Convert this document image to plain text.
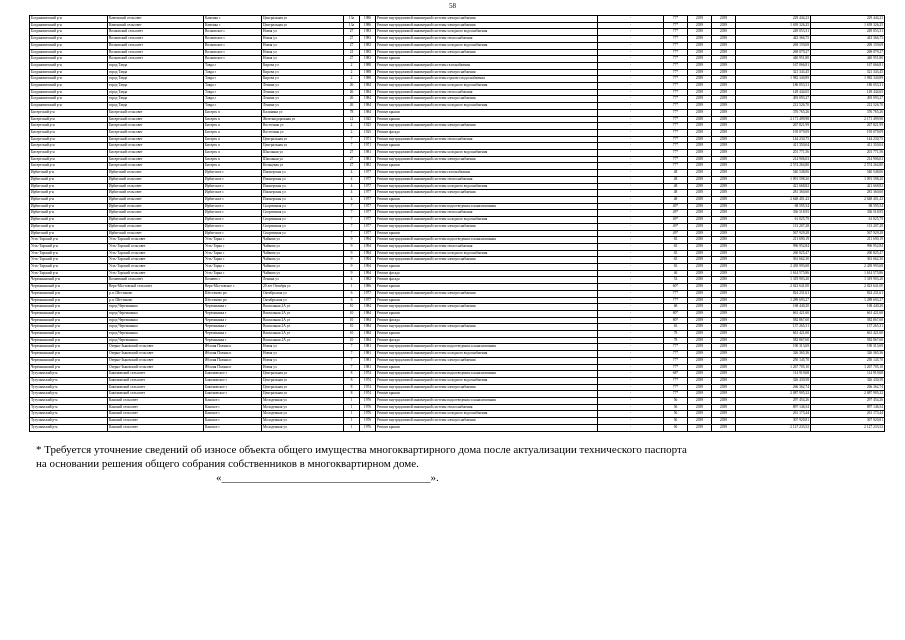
58
Богдановичский р-н	Каменский сельсовет	Каменка с	Центральная ул	13а	1986	Ремонт внутридомовой инженерной системы электроснабжения	-	77*	2039	2039	229 444,23	229 444,23
Богдановичский р-н	Каменский сельсовет	Каменка с	Центральная ул	13а	1986	Ремонт внутридомовой инженерной системы электроснабжения	-	77*	2039	2039	1 639 326,25	1 639 326,25
Богдановичский р-н	Волковский сельсовет	Волковское с	Новая ул	27	1983	Ремонт внутридомовой инженерной системы холодного водоснабжения	-	77*	2039	2039	249 053,31	249 053,31
Богдановичский р-н	Волковский сельсовет	Волковское с	Новая ул	27	1983	Ремонт внутридомовой инженерной системы теплоснабжения	-	77*	2039	2039	443 366,75	443 366,75
Богдановичский р-н	Волковский сельсовет	Волковское с	Новая ул	27	1983	Ремонт внутридомовой инженерной системы холодного водоснабжения	-	77*	2039	2039	269 159,69	269 159,69
Богдановичский р-н	Волковский сельсовет	Волковское с	Новая ул	21	1983	Ремонт внутридомовой инженерной системы электроснабжения	-	77*	2039	2039	269 079,27	269 079,27
Богдановичский р-н	Волковский сельсовет	Волковское с	Новая ул	27	1983	Ремонт крыши	-	77*	2039	2039	440 951,80	440 951,80
Богдановичский р-н	город Тавда	Тавда г	Кирова ул	2	1988	Ремонт внутридомовой инженерной системы газоснабжения	-	77*	2039	2039	167 066,81	167 066,81
Богдановичский р-н	город Тавда	Тавда г	Кирова ул	2	1988	Ремонт внутридомовой инженерной системы электроснабжения	-	77*	2039	2039	321 343,45	321 343,45
Богдановичский р-н	город Тавда	Тавда г	Кирова ул	2	1988	Ремонт внутридомовой инженерной системы горячего водоснабжения	-	77*	2039	2039	1 982 340,89	1 982 340,89
Богдановичский р-н	город Тавда	Тавда г	Ленина ул	26	1984	Ремонт внутридомовой инженерной системы холодного водоснабжения	-	77*	2039	2039	186 053,31	186 053,31
Богдановичский р-н	город Тавда	Тавда г	Ленина ул	26	1984	Ремонт внутридомовой инженерной системы теплоснабжения	-	77*	2039	2039	149 444,65	149 444,65
Богдановичский р-н	город Тавда	Тавда г	Ленина ул	26	1984	Ремонт внутридомовой инженерной системы электроснабжения	-	77*	2039	2039	493 093,27	493 093,27
Богдановичский р-н	город Тавда	Тавда г	Ленина ул	26	1984	Ремонт внутридомовой инженерной системы холодного водоснабжения	-	77*	2039	2039	212 526,70	212 526,70
Бисертский р-н	Бисертский сельсовет	Бисерть п	Калинина ул	78	1984	Ремонт крыши	-	77*	2039	2039	376 765,26	376 765,26
Бисертский р-н	Бисертский сельсовет	Бисерть п	Железнодорожная ул	12	1925	Ремонт крыши	-	77*	2039	2039	2 171 499,98	2 171 499,98
Бисертский р-н	Бисертский сельсовет	Бисерть п	Восточная ул	2	1925	Ремонт внутридомовой инженерной системы электроснабжения	-	77*	2039	2039	267 821,99	267 821,99
Бисертский р-н	Бисертский сельсовет	Бисерть п	Восточная ул	2	1925	Ремонт фасада	-	77*	2039	2039	195 079,09	195 079,09
Бисертский р-н	Бисертский сельсовет	Бисерть п	Центральная ул	7	1971	Ремонт внутридомовой инженерной системы теплоснабжения	-	77*	2039	2039	144 230,75	144 230,75
Бисертский р-н	Бисертский сельсовет	Бисерть п	Центральная ул	7	1971	Ремонт крыши	-	77*	2039	2039	411 350,04	411 350,04
Бисертский р-н	Бисертский сельсовет	Бисерть п	Школьная ул	27	1981	Ремонт внутридомовой инженерной системы холодного водоснабжения	-	77*	2039	2039	201 771,56	201 771,56
Бисертский р-н	Бисертский сельсовет	Бисерть п	Школьная ул	27	1981	Ремонт внутридомовой инженерной системы электроснабжения	-	77*	2039	2039	214 906,03	214 906,03
Бисертский р-н	Бисертский сельсовет	Бисерть п	Кольцевая ул	27	1981	Ремонт крыши	-	77*	2039	2039	2 574 264,80	2 574 264,80
Ирбитский р-н	Ирбитский сельсовет	Ирбитское с	Пионерская ул	4	1977	Ремонт внутридомовой инженерной системы газоснабжения	-	48	2039	2039	540 548,06	540 548,06
Ирбитский р-н	Ирбитский сельсовет	Ирбитское с	Пионерская ул	4	1977	Ремонт внутридомовой инженерной системы теплоснабжения	-	48	2039	2039	1 091 598,20	1 091 598,20
Ирбитский р-н	Ирбитский сельсовет	Ирбитское с	Пионерская ул	4	1977	Ремонт внутридомовой инженерной системы холодного водоснабжения	-	48	2039	2039	421 668,82	421 668,82
Ирбитский р-н	Ирбитский сельсовет	Ирбитское с	Пионерская ул	4	1977	Ремонт внутридомовой инженерной системы электроснабжения	-	48	2039	2039	281 360,60	281 360,60
Ирбитский р-н	Ирбитский сельсовет	Ирбитское с	Пионерская ул	4	1977	Ремонт крыши	-	48	2039	2039	2 648 401,43	2 648 401,43
Ирбитский р-н	Ирбитский сельсовет	Ирбитское с	Спортивная ул	7	1977	Ремонт внутридомовой инженерной системы водоотведения и канализования	-	49*	2039	2039	68 595,54	68 595,54
Ирбитский р-н	Ирбитский сельсовет	Ирбитское с	Спортивная ул	7	1977	Ремонт внутридомовой инженерной системы теплоснабжения	-	49*	2039	2039	336 518,95	336 518,95
Ирбитский р-н	Ирбитский сельсовет	Ирбитское с	Спортивная ул	7	1977	Ремонт внутридомовой инженерной системы холодного водоснабжения	-	49*	2039	2039	61 025,79	61 025,79
Ирбитский р-н	Ирбитский сельсовет	Ирбитское с	Спортивная ул	7	1977	Ремонт внутридомовой инженерной системы электроснабжения	-	49*	2039	2039	113 207,28	113 207,28
Ирбитский р-н	Ирбитский сельсовет	Ирбитское с	Спортивная ул	7	1977	Ремонт крыши	-	49*	2039	2039	567 929,28	567 929,28
Усть-Тарский р-н	Усть-Тарский сельсовет	Усть-Тарка с	Чайкова ул	9	1994	Ремонт внутридомовой инженерной системы водоотведения и канализования	-	65	2039	2039	211 690,19	211 690,19
Усть-Тарский р-н	Усть-Тарский сельсовет	Усть-Тарка с	Чайкова ул	9	1994	Ремонт внутридомовой инженерной системы теплоснабжения	-	65	2039	2039	996 952,84	996 952,84
Усть-Тарский р-н	Усть-Тарский сельсовет	Усть-Тарка с	Чайкова ул	9	1994	Ремонт внутридомовой инженерной системы холодного водоснабжения	-	65	2039	2039	260 825,47	260 825,47
Усть-Тарский р-н	Усть-Тарский сельсовет	Усть-Тарка с	Чайкова ул	9	1994	Ремонт внутридомовой инженерной системы электроснабжения	-	65	2039	2039	361 662,30	361 662,30
Усть-Тарский р-н	Усть-Тарский сельсовет	Усть-Тарка с	Чайкова ул	9	1994	Ремонт крыши	-	65	2039	2039	2 439 993,68	2 439 993,68
Усть-Тарский р-н	Усть-Тарский сельсовет	Усть-Тарка с	Чайкова ул	9	1994	Ремонт фасада	-	46	2039	2039	1 614 575,86	1 614 575,86
Черемшанский р-н	Кочневский сельсовет	Кочнево с	Ленина ул	4	1982	Ремонт фасада	-	53	2039	2039	1 319 903,20	1 319 903,20
Черемшанский р-н	Верх-Мостовской сельсовет	Верх-Мостовское с	20 лет Октября ул	1	1986	Ремонт крыши	-	60*	2039	2039	2 023 641,00	2 023 641,00
Черемшанский р-н	р.п. Шестаково	Шестаково рп	Октябрьская ул	6	1977	Ремонт внутридомовой инженерной системы электроснабжения	-	77*	2039	2039	824 231,61	824 231,61
Черемшанский р-н	р.п. Шестаково	Шестаково рп	Октябрьская ул	6	1977	Ремонт крыши	-	77*	2039	2039	1 289 693,27	1 289 693,27
Черемшанский р-н	город Черемшанка	Черемшанка г	Вокзальная 2А ул	10	1984	Ремонт внутридомовой инженерной системы электроснабжения	-	68	2039	2039	168 440,20	168 440,20
Черемшанский р-н	город Черемшанка	Черемшанка г	Вокзальная 2А ул	10	1984	Ремонт крыши	-	80*	2039	2039	661 421,60	661 421,60
Черемшанский р-н	город Черемшанка	Черемшанка г	Вокзальная 2А ул	10	1984	Ремонт фасада	-	80*	2039	2039	582 867,60	582 867,60
Черемшанский р-н	город Черемшанка	Черемшанка г	Вокзальная 2А ул	10	1984	Ремонт внутридомовой инженерной системы электроснабжения	-	63	2039	2039	137 265,31	137 265,31
Черемшанский р-н	город Черемшанка	Черемшанка г	Вокзальная 2А ул	10	1984	Ремонт крыши	-	78	2039	2039	661 421,60	661 421,60
Черемшанский р-н	город Черемшанка	Черемшанка г	Вокзальная 2А ул	10	1984	Ремонт фасада	-	78	2039	2039	582 867,60	582 867,60
Черемшанский р-н	Озерно-Зыковский сельсовет	Яблоня Поляна п	Новая ул	7	1981	Ремонт внутридомовой инженерной системы водоотведения и канализования	-	77*	2039	2039	190 313,69	190 313,69
Черемшанский р-н	Озерно-Зыковский сельсовет	Яблоня Поляна п	Новая ул	7	1981	Ремонт внутридомовой инженерной системы холодного водоснабжения	-	77*	2039	2039	326 365,36	326 365,36
Черемшанский р-н	Озерно-Зыковский сельсовет	Яблоня Поляна п	Новая ул	7	1981	Ремонт внутридомовой инженерной системы электроснабжения	-	77*	2039	2039	250 145,70	250 145,70
Черемшанский р-н	Озерно-Зыковский сельсовет	Яблоня Поляна п	Новая ул	7	1981	Ремонт крыши	-	77*	2039	2039	1 267 705,10	1 267 705,10
Тугулымский р-н	Баженовский сельсовет	Баженовское с	Центральная ул	8	1974	Ремонт внутридомовой инженерной системы водоотведения и канализования	-	68*	2039	2039	114 919,68	114 919,68
Тугулымский р-н	Баженовский сельсовет	Баженовское с	Центральная ул	8	1974	Ремонт внутридомовой инженерной системы холодного водоснабжения	-	77*	2039	2039	326 430,58	326 430,58
Тугулымский р-н	Баженовский сельсовет	Баженовское с	Центральная ул	8	1974	Ремонт внутридомовой инженерной системы электроснабжения	-	77*	2039	2039	266 362,74	266 362,74
Тугулымский р-н	Баженовский сельсовет	Баженовское с	Центральная ул	8	1974	Ремонт крыши	-	77*	2039	2039	2 087 905,32	2 087 905,32
Тугулымский р-н	Канский сельсовет	Канское с	Молодежная ул	1	1976	Ремонт внутридомовой инженерной системы водоотведения и канализования	-	56	2039	2039	297 454,26	297 454,26
Тугулымский р-н	Канский сельсовет	Канское с	Молодежная ул	1	1976	Ремонт внутридомовой инженерной системы теплоснабжения	-	56	2039	2039	897 146,54	897 146,54
Тугулымский р-н	Канский сельсовет	Канское с	Молодежная ул	1	1976	Ремонт внутридомовой инженерной системы холодного водоснабжения	-	56	2039	2039	261 173,44	261 173,44
Тугулымский р-н	Канский сельсовет	Канское с	Молодежная ул	1	1976	Ремонт внутридомовой инженерной системы электроснабжения	-	56	2039	2039	307 920,81	307 920,81
Тугулымский р-н	Канский сельсовет	Канское с	Молодежная ул	1	1976	Ремонт крыши	-	56	2039	2039	2 127 233,52	2 127 233,52

* Требуется уточнение сведений об износе объекта общего имущества многоквартирного дома после актуализации технического паспорта

на основании решения общего собрания собственников в многоквартирном доме.

«______________________________________».
